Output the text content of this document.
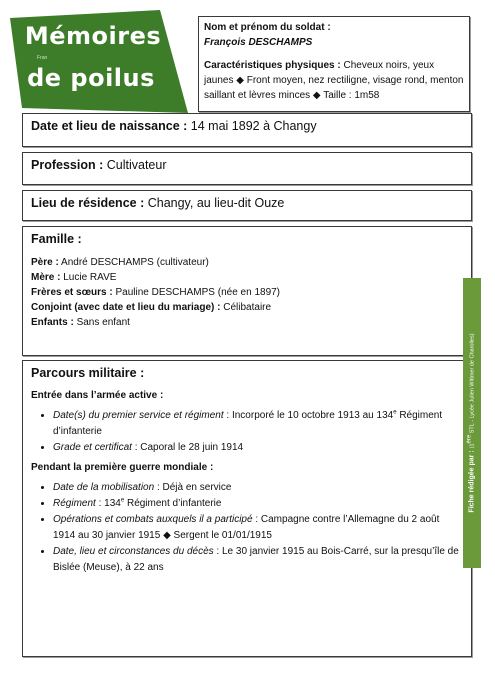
Mémoires
Fran
de poilus
Nom et prénom du soldat :
François DESCHAMPS
Caractéristiques physiques : Cheveux noirs, yeux jaunes ◆ Front moyen, nez rectiligne, visage rond, menton saillant et lèvres minces ◆ Taille : 1m58
Date et lieu de naissance : 14 mai 1892 à Changy
Profession : Cultivateur
Lieu de résidence : Changy, au lieu-dit Ouze
Famille :
Père : André DESCHAMPS (cultivateur)
Mère : Lucie RAVE
Frères et sœurs : Pauline DESCHAMPS (née en 1897)
Conjoint (avec date et lieu du mariage) : Célibataire
Enfants : Sans enfant
Parcours militaire :
Entrée dans l’armée active :
• Date(s) du premier service et régiment : Incorporé le 10 octobre 1913 au 134e Régiment d’infanterie
• Grade et certificat : Caporal le 28 juin 1914
Pendant la première guerre mondiale :
• Date de la mobilisation : Déjà en service
• Régiment : 134e Régiment d’infanterie
• Opérations et combats auxquels il a participé : Campagne contre l’Allemagne du 2 août 1914 au 30 janvier 1915 ◆ Sergent le 01/01/1915
• Date, lieu et circonstances du décès : Le 30 janvier 1915 au Bois-Carré, sur la presqu’île de Bislée (Meuse), à 22 ans
Fiche rédigée par : (1ère STL - Lycée Julien Wittmer de Charolles)
